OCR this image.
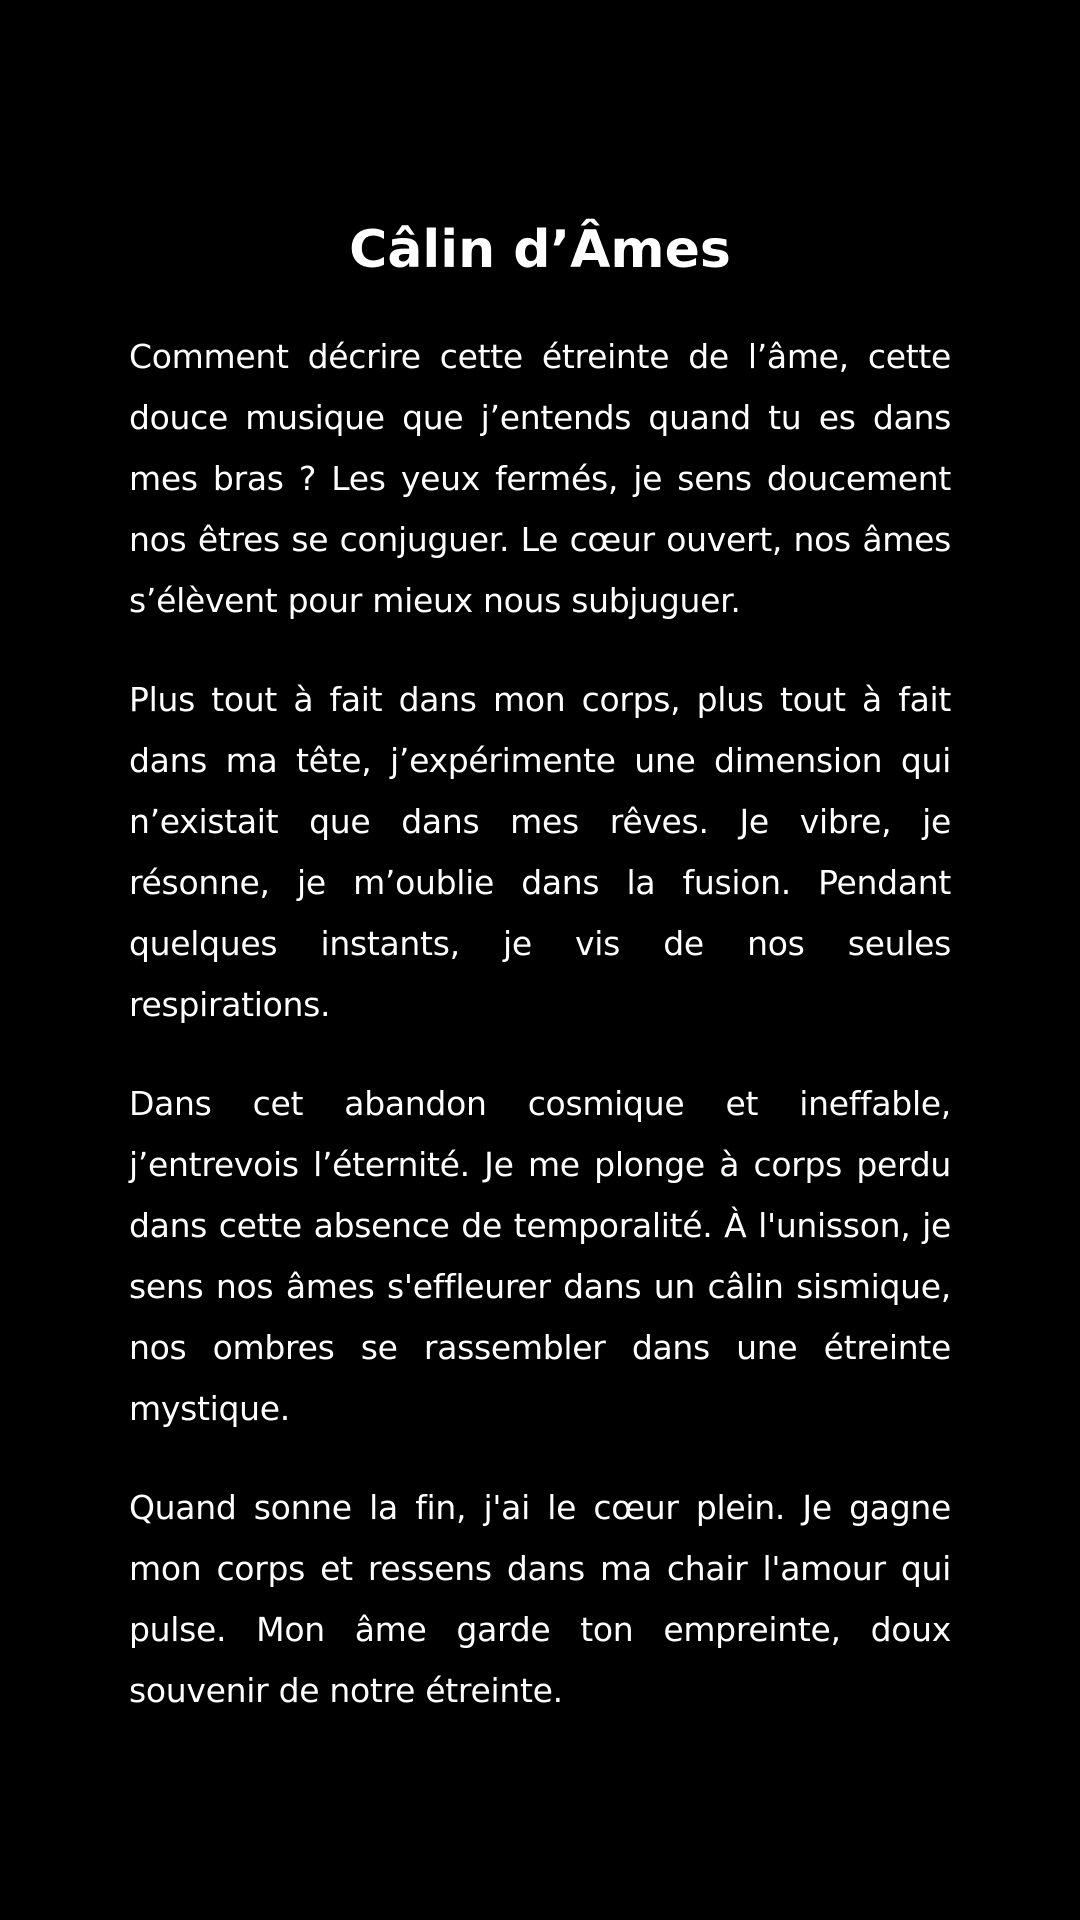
Câlin d’Âmes

Comment décrire cette étreinte de l’âme, cette douce musique que j’entends quand tu es dans mes bras ? Les yeux fermés, je sens doucement nos êtres se conjuguer. Le cœur ouvert, nos âmes s’élèvent pour mieux nous subjuguer.

Plus tout à fait dans mon corps, plus tout à fait dans ma tête, j’expérimente une dimension qui n’existait que dans mes rêves. Je vibre, je résonne, je m’oublie dans la fusion. Pendant quelques instants, je vis de nos seules respirations.

Dans cet abandon cosmique et ineffable, j’entrevois l’éternité. Je me plonge à corps perdu dans cette absence de temporalité. À l'unisson, je sens nos âmes s'effleurer dans un câlin sismique, nos ombres se rassembler dans une étreinte mystique.

Quand sonne la fin, j'ai le cœur plein. Je gagne mon corps et ressens dans ma chair l'amour qui pulse. Mon âme garde ton empreinte, doux souvenir de notre étreinte.
